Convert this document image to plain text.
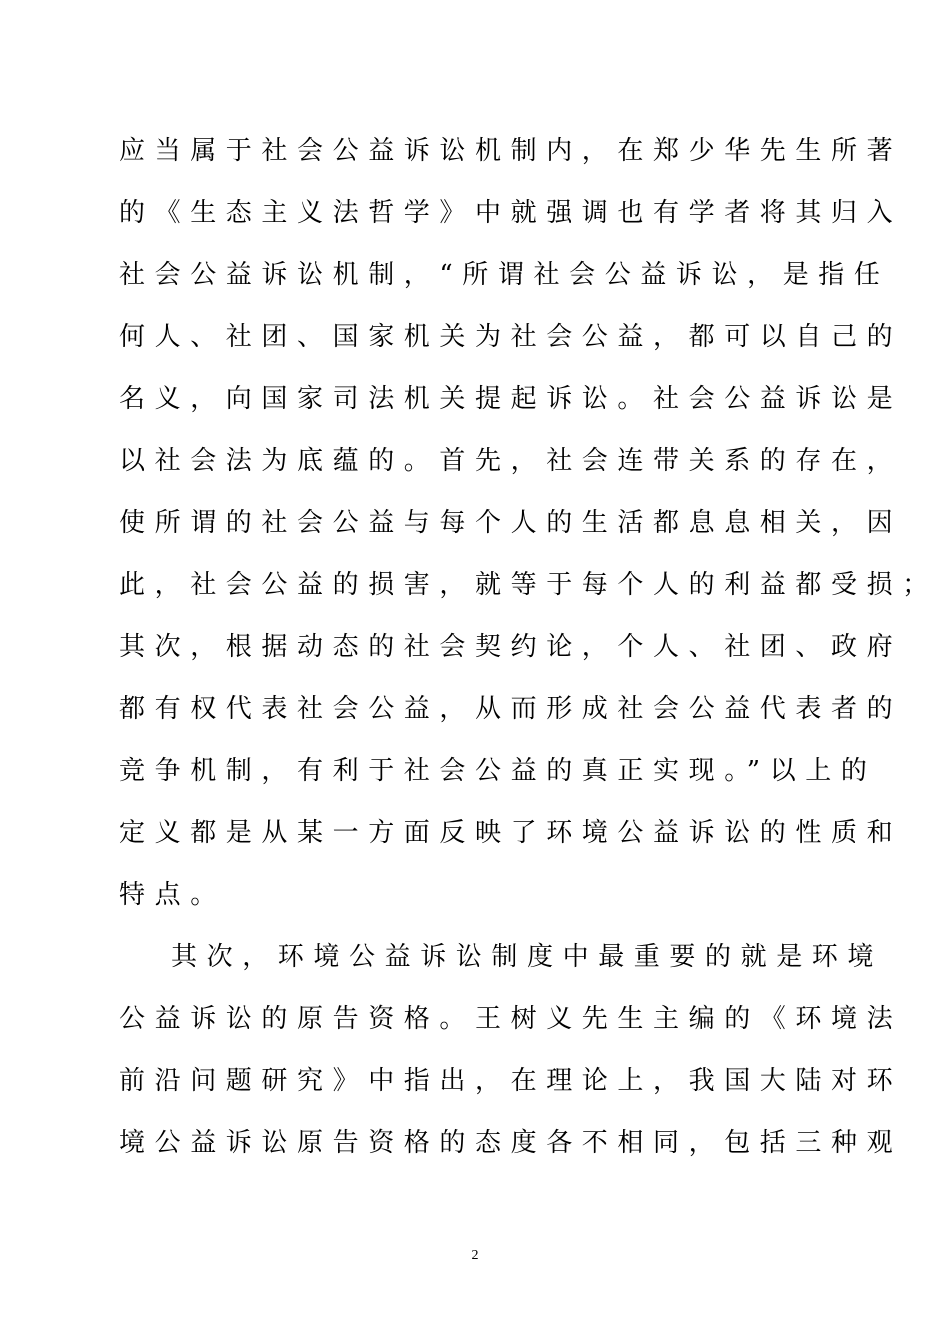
应当属于社会公益诉讼机制内，在郑少华先生所著
的《生态主义法哲学》中就强调也有学者将其归入
社会公益诉讼机制，“所谓社会公益诉讼，是指任
何人、社团、国家机关为社会公益，都可以自己的
名义，向国家司法机关提起诉讼。社会公益诉讼是
以社会法为底蕴的。首先，社会连带关系的存在，
使所谓的社会公益与每个人的生活都息息相关，因
此，社会公益的损害，就等于每个人的利益都受损；
其次，根据动态的社会契约论，个人、社团、政府
都有权代表社会公益，从而形成社会公益代表者的
竞争机制，有利于社会公益的真正实现。”以上的
定义都是从某一方面反映了环境公益诉讼的性质和
特点。
其次，环境公益诉讼制度中最重要的就是环境
公益诉讼的原告资格。王树义先生主编的《环境法
前沿问题研究》中指出，在理论上，我国大陆对环
境公益诉讼原告资格的态度各不相同，包括三种观
2
